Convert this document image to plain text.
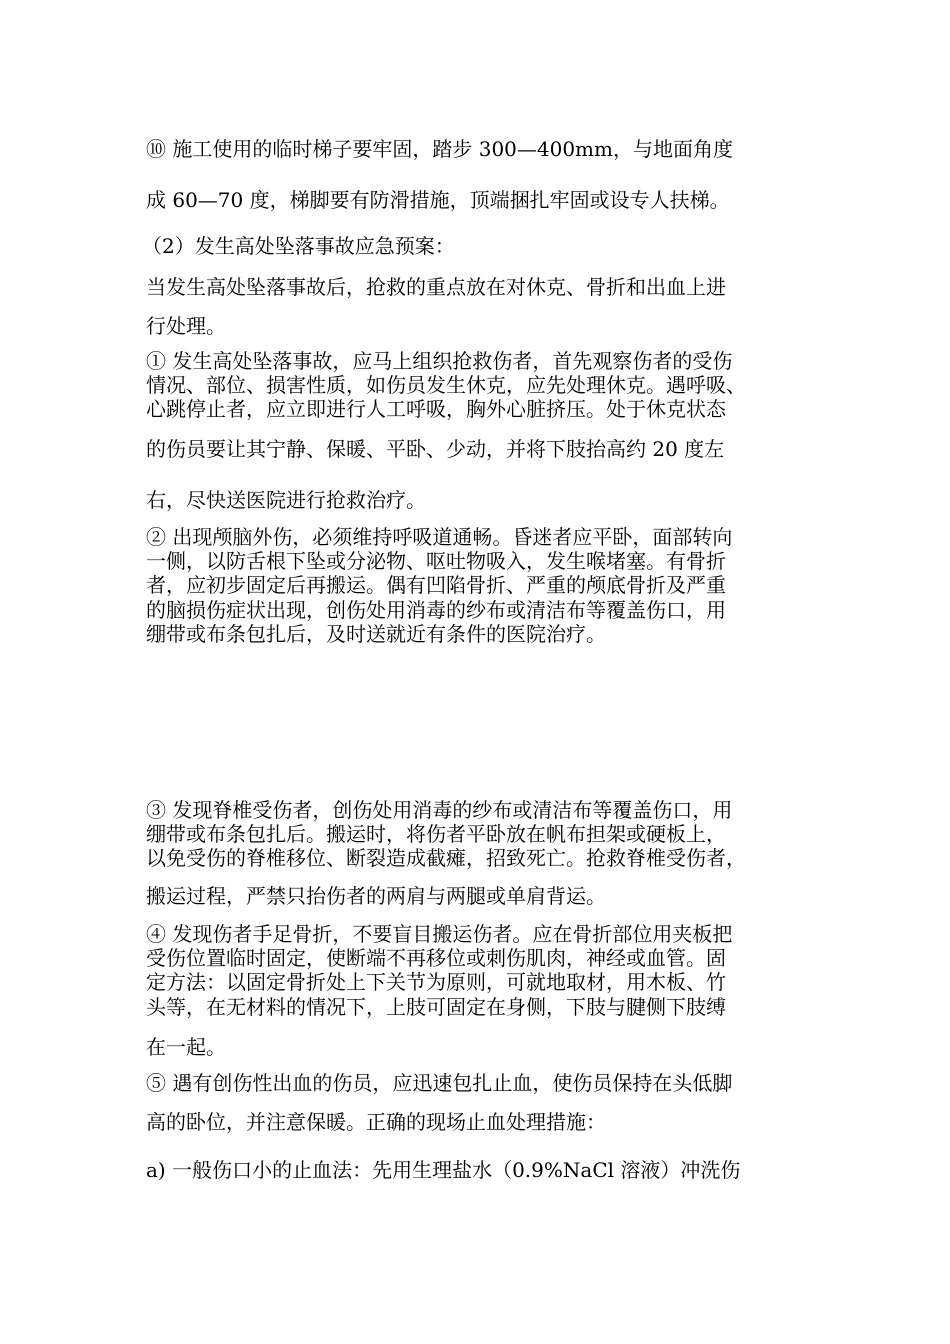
⑩ 施工使用的临时梯子要牢固，踏步 300—400mm，与地面角度
成 60—70 度，梯脚要有防滑措施，顶端捆扎牢固或设专人扶梯。
（2）发生高处坠落事故应急预案：
当发生高处坠落事故后，抢救的重点放在对休克、骨折和出血上进
行处理。
① 发生高处坠落事故，应马上组织抢救伤者，首先观察伤者的受伤
情况、部位、损害性质，如伤员发生休克，应先处理休克。遇呼吸、
心跳停止者，应立即进行人工呼吸，胸外心脏挤压。处于休克状态
的伤员要让其宁静、保暖、平卧、少动，并将下肢抬高约 20 度左
右，尽快送医院进行抢救治疗。
② 出现颅脑外伤，必须维持呼吸道通畅。昏迷者应平卧，面部转向
一侧，以防舌根下坠或分泌物、呕吐物吸入，发生喉堵塞。有骨折
者，应初步固定后再搬运。偶有凹陷骨折、严重的颅底骨折及严重
的脑损伤症状出现，创伤处用消毒的纱布或清洁布等覆盖伤口，用
绷带或布条包扎后，及时送就近有条件的医院治疗。
③ 发现脊椎受伤者，创伤处用消毒的纱布或清洁布等覆盖伤口，用
绷带或布条包扎后。搬运时，将伤者平卧放在帆布担架或硬板上，
以免受伤的脊椎移位、断裂造成截瘫，招致死亡。抢救脊椎受伤者，
搬运过程，严禁只抬伤者的两肩与两腿或单肩背运。
④ 发现伤者手足骨折，不要盲目搬运伤者。应在骨折部位用夹板把
受伤位置临时固定，使断端不再移位或刺伤肌肉，神经或血管。固
定方法：以固定骨折处上下关节为原则，可就地取材，用木板、竹
头等，在无材料的情况下，上肢可固定在身侧，下肢与腱侧下肢缚
在一起。
⑤ 遇有创伤性出血的伤员，应迅速包扎止血，使伤员保持在头低脚
高的卧位，并注意保暖。正确的现场止血处理措施：
a) 一般伤口小的止血法：先用生理盐水（0.9%NaCl 溶液）冲洗伤
